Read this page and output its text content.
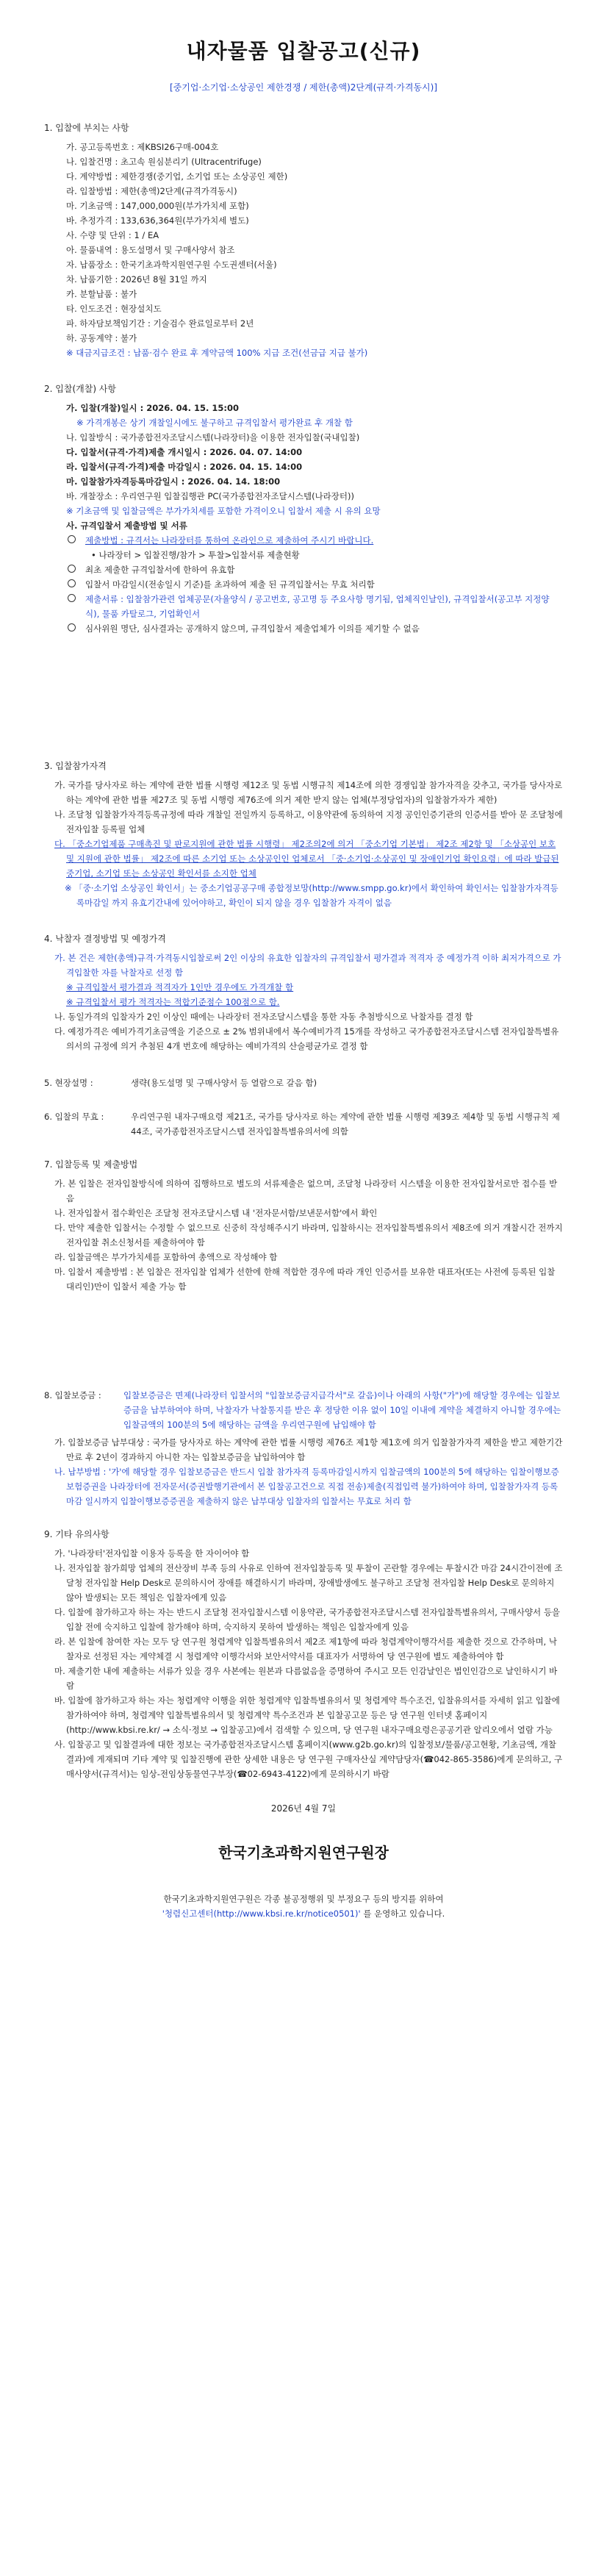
내자물품 입찰공고(신규)
[중기업·소기업·소상공인 제한경쟁 / 제한(총액)2단계(규격·가격동시)]
1. 입찰에 부치는 사항
가. 공고등록번호 : 제KBSI26구매-004호
나. 입찰건명 : 초고속 원심분리기 (Ultracentrifuge)
다. 계약방법 : 제한경쟁(중기업, 소기업 또는 소상공인 제한)
라. 입찰방법 : 제한(총액)2단계(규격가격동시)
마. 기초금액 : 147,000,000원(부가가치세 포함)
바. 추정가격 : 133,636,364원(부가가치세 별도)
사. 수량 및 단위 : 1 / EA
아. 물품내역 : 용도설명서 및 구매사양서 참조
자. 납품장소 : 한국기초과학지원연구원 수도권센터(서울)
차. 납품기한 : 2026년 8월 31일 까지
카. 분할납품 : 불가
타. 인도조건 : 현장설치도
파. 하자담보책임기간 : 기술검수 완료일로부터 2년
하. 공동계약 : 불가
※ 대금지급조건 : 납품·검수 완료 후 계약금액 100% 지급 조건(선금급 지급 불가)
2. 입찰(개찰) 사항
가. 입찰(개찰)일시 : 2026. 04. 15. 15:00
※ 가격개봉은 상기 개찰일시에도 불구하고 규격입찰서 평가완료 후 개찰 함
나. 입찰방식 : 국가종합전자조달시스템(나라장터)을 이용한 전자입찰(국내입찰)
다. 입찰서(규격·가격)제출 개시일시 : 2026. 04. 07. 14:00
라. 입찰서(규격·가격)제출 마감일시 : 2026. 04. 15. 14:00
마. 입찰참가자격등록마감일시 : 2026. 04. 14. 18:00
바. 개찰장소 : 우리연구원 입찰집행관 PC(국가종합전자조달시스템(나라장터))
※ 기초금액 및 입찰금액은 부가가치세를 포함한 가격이오니 입찰서 제출 시 유의 요망
사. 규격입찰서 제출방법 및 서류
제출방법 : 규격서는 나라장터를 통하여 온라인으로 제출하여 주시기 바랍니다.
• 나라장터 > 입찰진행/참가 > 투찰>입찰서류 제출현황
최초 제출한 규격입찰서에 한하여 유효함
입찰서 마감일시(전송일시 기준)를 초과하여 제출 된 규격입찰서는 무효 처리함
제출서류 : 입찰참가관련 업체공문(자율양식 / 공고번호, 공고명 등 주요사항 명기됨, 업체직인날인), 규격입찰서(공고부 지정양식), 물품 카탈로그, 기업확인서
심사위원 명단, 심사결과는 공개하지 않으며, 규격입찰서 제출업체가 이의를 제기할 수 없음
3. 입찰참가자격
가. 국가를 당사자로 하는 계약에 관한 법률 시행령 제12조 및 동법 시행규칙 제14조에 의한 경쟁입찰 참가자격을 갖추고, 국가를 당사자로 하는 계약에 관한 법률 제27조 및 동법 시행령 제76조에 의거 제한 받지 않는 업체(부정당업자)의 입찰참가자가 제한)
나. 조달청 입찰참가자격등록규정에 따라 개찰일 전일까지 등록하고, 이용약관에 동의하여 지정 공인인증기관의 인증서를 받아 문 조달청에 전자입찰 등록필 업체
다. 「중소기업제품 구매촉진 및 판로지원에 관한 법률 시행령」 제2조의2에 의거 「중소기업 기본법」 제2조 제2항 및 「소상공인 보호 및 지원에 관한 법률」 제2조에 따른 소기업 또는 소상공인인 업체로서 「중·소기업·소상공인 및 장애인기업 확인요령」에 따라 발급된 중기업, 소기업 또는 소상공인 확인서를 소지한 업체
※ 「중·소기업 소상공인 확인서」는 중소기업공공구매 종합정보망(http://www.smpp.go.kr)에서 확인하여 확인서는 입찰참가자격등록마감일 까지 유효기간내에 있어야하고, 확인이 되지 않을 경우 입찰참가 자격이 없음
4. 낙찰자 결정방법 및 예정가격
가. 본 건은 제한(총액)규격·가격동시입찰로써 2인 이상의 유효한 입찰자의 규격입찰서 평가결과 적격자 중 예정가격 이하 최저가격으로 가격입찰한 자를 낙찰자로 선정 함
※ 규격입찰서 평가결과 적격자가 1인만 경우에도 가격개찰 함
※ 규격입찰서 평가 적격자는 적합기준점수 100점으로 함.
나. 동일가격의 입찰자가 2인 이상인 때에는 나라장터 전자조달시스템을 통한 자동 추첨방식으로 낙찰자를 결정 함
다. 예정가격은 예비가격기초금액을 기준으로 ± 2% 범위내에서 복수예비가격 15개를 작성하고 국가종합전자조달시스템 전자입찰특별유의서의 규정에 의거 추첨된 4개 번호에 해당하는 예비가격의 산술평균가로 결정 함
5. 현장설명 :	생략(용도설명 및 구매사양서 등 열람으로 갈음 함)
6. 입찰의 무효 :	우리연구원 내자구매요령 제21조, 국가를 당사자로 하는 계약에 관한 법률 시행령 제39조 제4항 및 동법 시행규칙 제44조, 국가종합전자조달시스템 전자입찰특별유의서에 의함
7. 입찰등록 및 제출방법
가. 본 입찰은 전자입찰방식에 의하여 집행하므로 별도의 서류제출은 없으며, 조달청 나라장터 시스템을 이용한 전자입찰서로만 접수를 받음
나. 전자입찰서 접수확인은 조달청 전자조달시스템 내 '전자문서함/보낸문서함'에서 확인
다. 만약 제출한 입찰서는 수정할 수 없으므로 신중히 작성해주시기 바라며, 입찰하시는 전자입찰특별유의서 제8조에 의거 개찰시간 전까지 전자입찰 취소신청서를 제출하여야 함
라. 입찰금액은 부가가치세를 포함하여 총액으로 작성해야 함
마. 입찰서 제출방법 : 본 입찰은 전자입찰 업체가 선한에 한해 적합한 경우에 따라 개인 인증서를 보유한 대표자(또는 사전에 등록된 입찰대리인)만이 입찰서 제출 가능 함
8. 입찰보증금 :	입찰보증금은 면제(나라장터 입찰서의 "입찰보증금지급각서"로 갈음)이나 아래의 사항("가")에 해당할 경우에는 입찰보증금을 납부하여야 하며, 낙찰자가 낙찰통지를 받은 후 정당한 이유 없이 10일 이내에 계약을 체결하지 아니할 경우에는 입찰금액의 100분의 5에 해당하는 금액을 우리연구원에 납입해야 함
가. 입찰보증금 납부대상 : 국가를 당사자로 하는 계약에 관한 법률 시행령 제76조 제1항 제1호에 의거 입찰참가자격 제한을 받고 제한기간 만료 후 2년이 경과하지 아니한 자는 입찰보증금을 납입하여야 함
나. 납부방법 : '가'에 해당할 경우 입찰보증금은 반드시 입찰 참가자격 등록마감일시까지 입찰금액의 100분의 5에 해당하는 입찰이행보증보험증권을 나라장터에 전자문서(증권발행기관에서 본 입찰공고건으로 직접 전송)제출(직접입력 불가)하여야 하며, 입찰참가자격 등록마감 일시까지 입찰이행보증증권을 제출하지 않은 납부대상 입찰자의 입찰서는 무효로 처리 함
9. 기타 유의사항
가. '나라장터'전자입찰 이용자 등록을 한 자이어야 함
나. 전자입찰 참가희망 업체의 전산장비 부족 등의 사유로 인하여 전자입찰등록 및 투찰이 곤란할 경우에는 투찰시간 마감 24시간이전에 조달청 전자입찰 Help Desk로 문의하시어 장애를 해결하시기 바라며, 장애발생에도 불구하고 조달청 전자입찰 Help Desk로 문의하지 않아 발생되는 모든 책임은 입찰자에게 있음
다. 입찰에 참가하고자 하는 자는 반드시 조달청 전자입찰시스템 이용약관, 국가종합전자조달시스템 전자입찰특별유의서, 구매사양서 등을 입찰 전에 숙지하고 입찰에 참가해야 하며, 숙지하지 못하여 발생하는 책임은 입찰자에게 있음
라. 본 입찰에 참여한 자는 모두 당 연구원 청렴계약 입찰특별유의서 제2조 제1항에 따라 청렴계약이행각서를 제출한 것으로 간주하며, 낙찰자로 선정된 자는 계약체결 시 청렴계약 이행각서와 보안서약서를 대표자가 서명하여 당 연구원에 별도 제출하여야 함
마. 제출기한 내에 제출하는 서류가 있을 경우 사본에는 원본과 다름없음을 증명하여 주시고 모든 인감날인은 법인인감으로 날인하시기 바람
바. 입찰에 참가하고자 하는 자는 청렴계약 이행을 위한 청렴계약 입찰특별유의서 및 청렴계약 특수조건, 입찰유의서를 자세히 읽고 입찰에 참가하여야 하며, 청렴계약 입찰특별유의서 및 청렴계약 특수조건과 본 입찰공고문 등은 당 연구원 인터넷 홈페이지(http://www.kbsi.re.kr/ → 소식·정보 → 입찰공고)에서 검색할 수 있으며, 당 연구원 내자구매요령은공공기관 알리오에서 열람 가능
사. 입찰공고 및 입찰결과에 대한 정보는 국가종합전자조달시스템 홈페이지(www.g2b.go.kr)의 입찰정보/물품/공고현황, 기초금액, 개찰결과)에 게재되며 기타 계약 및 입찰진행에 관한 상세한 내용은 당 연구원 구매자산실 계약담당자(☎042-865-3586)에게 문의하고, 구매사양서(규격서)는 임상-전임상동물연구부장(☎02-6943-4122)에게 문의하시기 바람
2026년 4월 7일
한국기초과학지원연구원장
한국기초과학지원연구원은 각종 불공정행위 및 부정요구 등의 방지를 위하여
'청렴신고센터(http://www.kbsi.re.kr/notice0501)' 를 운영하고 있습니다.
